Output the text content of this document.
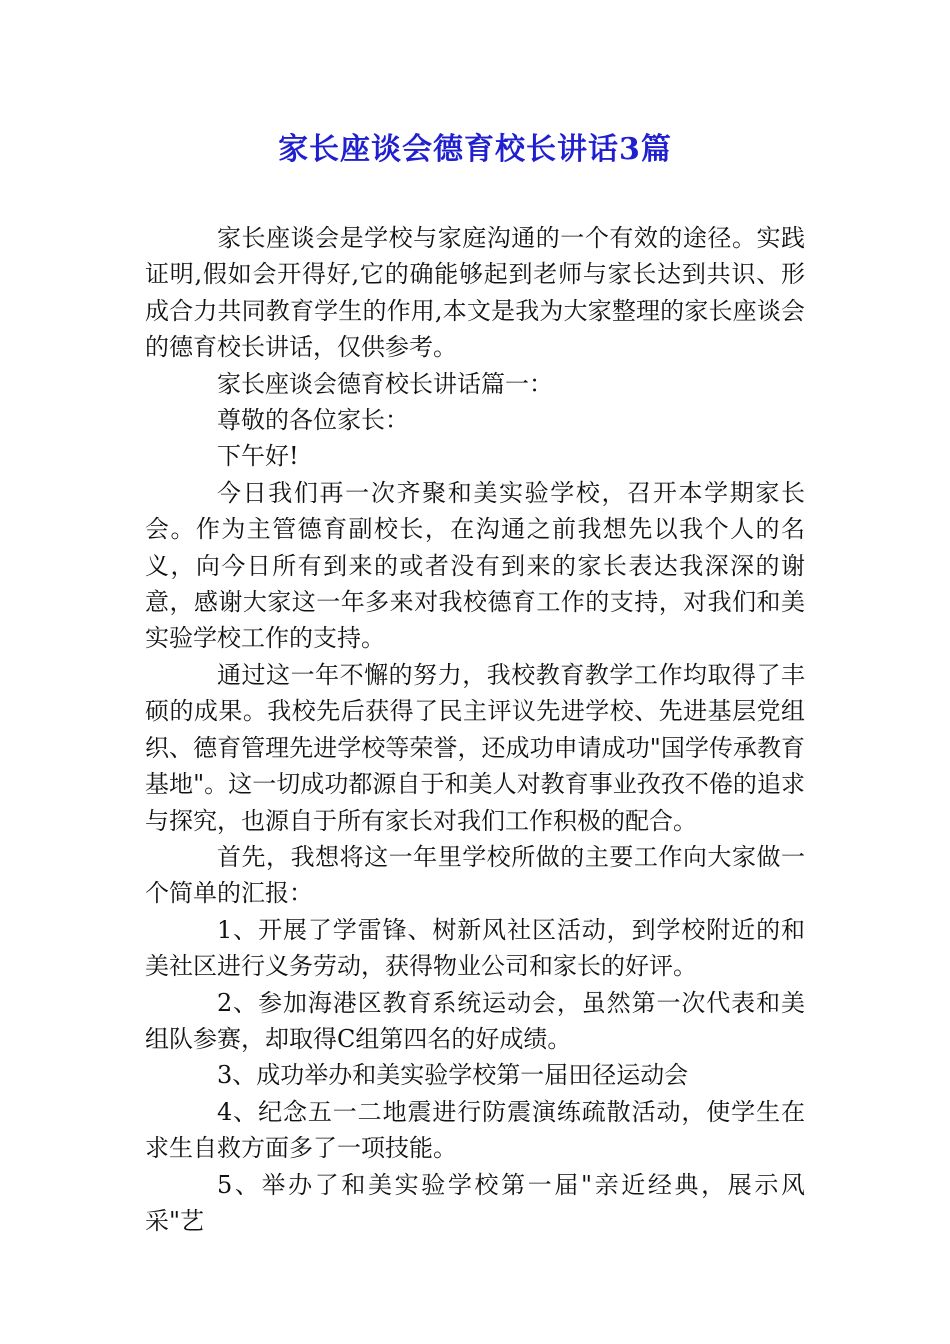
家长座谈会德育校长讲话3篇

家长座谈会是学校与家庭沟通的一个有效的途径。实践证明,假如会开得好,它的确能够起到老师与家长达到共识、形成合力共同教育学生的作用,本文是我为大家整理的家长座谈会的德育校长讲话，仅供参考。

家长座谈会德育校长讲话篇一：

尊敬的各位家长：

下午好!

今日我们再一次齐聚和美实验学校，召开本学期家长会。作为主管德育副校长，在沟通之前我想先以我个人的名义，向今日所有到来的或者没有到来的家长表达我深深的谢意，感谢大家这一年多来对我校德育工作的支持，对我们和美实验学校工作的支持。

通过这一年不懈的努力，我校教育教学工作均取得了丰硕的成果。我校先后获得了民主评议先进学校、先进基层党组织、德育管理先进学校等荣誉，还成功申请成功"国学传承教育基地"。这一切成功都源自于和美人对教育事业孜孜不倦的追求与探究，也源自于所有家长对我们工作积极的配合。

首先，我想将这一年里学校所做的主要工作向大家做一个简单的汇报：

1、开展了学雷锋、树新风社区活动，到学校附近的和美社区进行义务劳动，获得物业公司和家长的好评。

2、参加海港区教育系统运动会，虽然第一次代表和美组队参赛，却取得C组第四名的好成绩。

3、成功举办和美实验学校第一届田径运动会

4、纪念五一二地震进行防震演练疏散活动，使学生在求生自救方面多了一项技能。

5、举办了和美实验学校第一届"亲近经典，展示风采"艺
